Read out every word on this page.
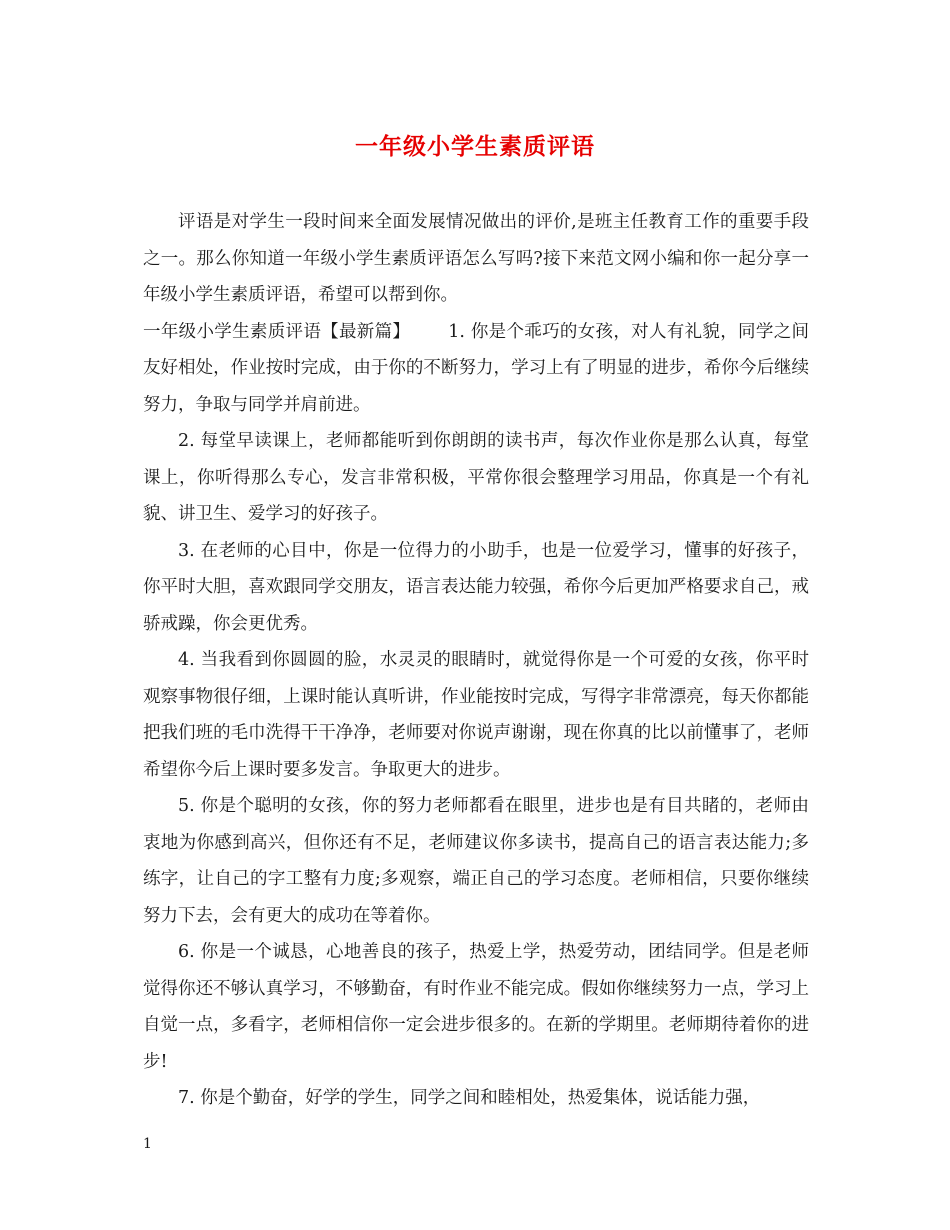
一年级小学生素质评语

评语是对学生一段时间来全面发展情况做出的评价,是班主任教育工作的重要手段之一。那么你知道一年级小学生素质评语怎么写吗?接下来范文网小编和你一起分享一年级小学生素质评语，希望可以帮到你。

一年级小学生素质评语【最新篇】 1. 你是个乖巧的女孩，对人有礼貌，同学之间友好相处，作业按时完成，由于你的不断努力，学习上有了明显的进步，希你今后继续努力，争取与同学并肩前进。

2. 每堂早读课上，老师都能听到你朗朗的读书声，每次作业你是那么认真，每堂课上，你听得那么专心，发言非常积极，平常你很会整理学习用品，你真是一个有礼貌、讲卫生、爱学习的好孩子。

3. 在老师的心目中，你是一位得力的小助手，也是一位爱学习，懂事的好孩子，你平时大胆，喜欢跟同学交朋友，语言表达能力较强，希你今后更加严格要求自己，戒骄戒躁，你会更优秀。

4. 当我看到你圆圆的脸，水灵灵的眼睛时，就觉得你是一个可爱的女孩，你平时观察事物很仔细，上课时能认真听讲，作业能按时完成，写得字非常漂亮，每天你都能把我们班的毛巾洗得干干净净，老师要对你说声谢谢，现在你真的比以前懂事了，老师希望你今后上课时要多发言。争取更大的进步。

5. 你是个聪明的女孩，你的努力老师都看在眼里，进步也是有目共睹的，老师由衷地为你感到高兴，但你还有不足，老师建议你多读书，提高自己的语言表达能力;多练字，让自己的字工整有力度;多观察，端正自己的学习态度。老师相信，只要你继续努力下去，会有更大的成功在等着你。

6. 你是一个诚恳，心地善良的孩子，热爱上学，热爱劳动，团结同学。但是老师觉得你还不够认真学习，不够勤奋，有时作业不能完成。假如你继续努力一点，学习上自觉一点，多看字，老师相信你一定会进步很多的。在新的学期里。老师期待着你的进步!

7. 你是个勤奋，好学的学生，同学之间和睦相处，热爱集体，说话能力强，

1
